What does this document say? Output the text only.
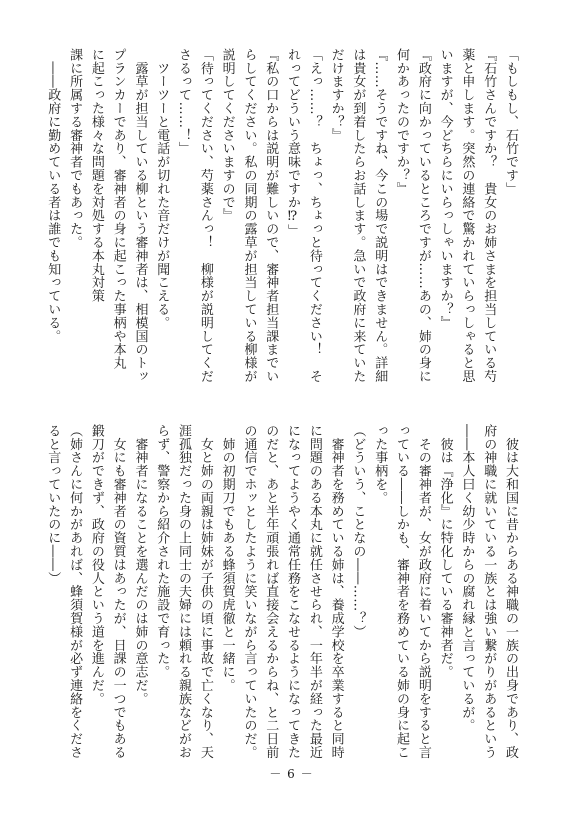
「もしもし、石竹です」
『石竹さんですか？　貴女のお姉さまを担当している芍
薬と申します。突然の連絡で驚かれていらっしゃると思
いますが、今どちらにいらっしゃいますか？』
『政府に向かっているところですが……あの、姉の身に
何かあったのですか？』
『……そうですね、今この場で説明はできません。詳細
は貴女が到着したらお話します。急いで政府に来ていた
だけますか？』
「えっ……？　ちょっ、ちょっと待ってください！　そ
れってどういう意味ですか⁉」
『私の口からは説明が難しいので、審神者担当課までい
らしてください。私の同期の露草が担当している柳様が
説明してくださいますので』
「待ってください、芍薬さんっ！　柳様が説明してくだ
さるって……！」
　ツーツーと電話が切れた音だけが聞こえる。
　露草が担当している柳という審神者は、相模国のトッ
プランカーであり、審神者の身に起こった事柄や本丸
に起こった様々な問題を対処する本丸対策
課に所属する審神者でもあった。
　――政府に勤めている者は誰でも知っている。
　彼は大和国に昔からある神職の一族の出身であり、政
府の神職に就いている一族とは強い繋がりがあるという
――本人曰く幼少時からの腐れ縁と言っているが。
　彼は『浄化』に特化している審神者だ。
　その審神者が、女が政府に着いてから説明をすると言
っている――しかも、審神者を務めている姉の身に起こ
った事柄を。
（どういう、ことなの――……？）
　審神者を務めている姉は、養成学校を卒業すると同時
に問題のある本丸に就任させられ、一年半が経った最近
になってようやく通常任務をこなせるようになってきた
のだと、あと半年頑張れば直接会えるからね、と二日前
の通信でホッとしたように笑いながら言っていたのだ。
　姉の初期刀でもある蜂須賀虎徹と一緒に。
　女と姉の両親は姉妹が子供の頃に事故で亡くなり、天
涯孤独だった身の上同士の夫婦には頼れる親族などがお
らず、警察から紹介された施設で育った。
　審神者になることを選んだのは姉の意志だ。
　女にも審神者の資質はあったが、日課の一つでもある
鍛刀ができず、政府の役人という道を進んだ。
（姉さんに何かがあれば、蜂須賀様が必ず連絡をくださ
ると言っていたのに――）
－ 6 －
